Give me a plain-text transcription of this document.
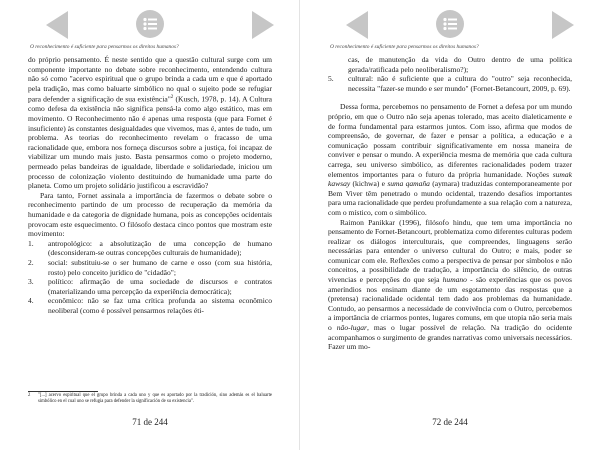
O reconhecimento é suficiente para pensarmos os direitos humanos?

do próprio pensamento. É neste sentido que a questão cultural surge com um componente importante no debate sobre reconhecimento, entendendo cultura não só como "acervo espiritual que o grupo brinda a cada um e que é aportado pela tradição, mas como baluarte simbólico no qual o sujeito pode se refugiar para defender a significação de sua existência"$^2$ (Kusch, 1978, p. 14). A Cultura como defesa da existência não significa pensá-la como algo estático, mas em movimento. O Reconhecimento não é apenas uma resposta (que para Fornet é insuficiente) às constantes desigualdades que vivemos, mas é, antes de tudo, um problema. As teorias do reconhecimento revelam o fracasso de uma racionalidade que, embora nos forneça discursos sobre a justiça, foi incapaz de viabilizar um mundo mais justo. Basta pensarmos como o projeto moderno, permeado pelas bandeiras de igualdade, liberdade e solidariedade, iniciou um processo de colonização violento destituindo de humanidade uma parte do planeta. Como um projeto solidário justificou a escravidão?

Para tanto, Fornet assinala a importância de fazermos o debate sobre o reconhecimento partindo de um processo de recuperação da memória da humanidade e da categoria de dignidade humana, pois as concepções ocidentais provocam este esquecimento. O filósofo destaca cinco pontos que mostram este movimento:

1.	antropológico: a absolutização de uma concepção de humano (desconsideram-se outras concepções culturais de humanidade);
2.	social: substituiu-se o ser humano de carne e osso (com sua história, rosto) pelo conceito jurídico de "cidadão";
3.	político: afirmação de uma sociedade de discursos e contratos (materializando uma percepção da experiência democrática);
4.	econômico: não se faz uma crítica profunda ao sistema econômico neoliberal (como é possível pensarmos relações éti-
2	"[...] acervo espiritual que el grupo brinda a cada uno y que es aportado por la tradición, sino además es el baluarte simbólico en el cual uno se refugia para defender la significación de su existencia".
71 de 244
O reconhecimento é suficiente para pensarmos os direitos humanos?
cas, de manutenção da vida do Outro dentro de uma política gerada/ratificada pelo neoliberalismo?);
5.	cultural: não é suficiente que a cultura do "outro" seja reconhecida, necessita "fazer-se mundo e ser mundo" (Fornet-Betancourt, 2009, p. 69).

Dessa forma, percebemos no pensamento de Fornet a defesa por um mundo próprio, em que o Outro não seja apenas tolerado, mas aceito dialeticamente e de forma fundamental para estarmos juntos. Com isso, afirma que modos de compreensão, de governar, de fazer e pensar a política, a educação e a comunicação possam contribuir significativamente em nossa maneira de conviver e pensar o mundo. A experiência mesma de memória que cada cultura carrega, seu universo simbólico, as diferentes racionalidades podem trazer elementos importantes para o futuro da própria humanidade. Noções sumak kawsay (kichwa) e suma qamaña (aymara) traduzidas contemporaneamente por Bem Viver têm penetrado o mundo ocidental, trazendo desafios importantes para uma racionalidade que perdeu profundamente a sua relação com a natureza, com o místico, com o simbólico.

Raimon Panikkar (1996), filósofo hindu, que tem uma importância no pensamento de Fornet-Betancourt, problematiza como diferentes culturas podem realizar os diálogos interculturais, que compreendes, linguagens serão necessárias para entender o universo cultural do Outro; e mais, poder se comunicar com ele. Reflexões como a perspectiva de pensar por símbolos e não conceitos, a possibilidade de tradução, a importância do silêncio, de outras vivencias e percepções do que seja humano - são experiências que os povos ameríndios nos ensinam diante de um esgotamento das respostas que a (pretensa) racionalidade ocidental tem dado aos problemas da humanidade. Contudo, ao pensarmos a necessidade de convivência com o Outro, percebemos a importância de criarmos pontes, lugares comuns, em que utopia não seria mais o não-lugar, mas o lugar possível de relação. Na tradição do ocidente acompanhamos o surgimento de grandes narrativas como universais necessários. Fazer um mo-

72 de 244
